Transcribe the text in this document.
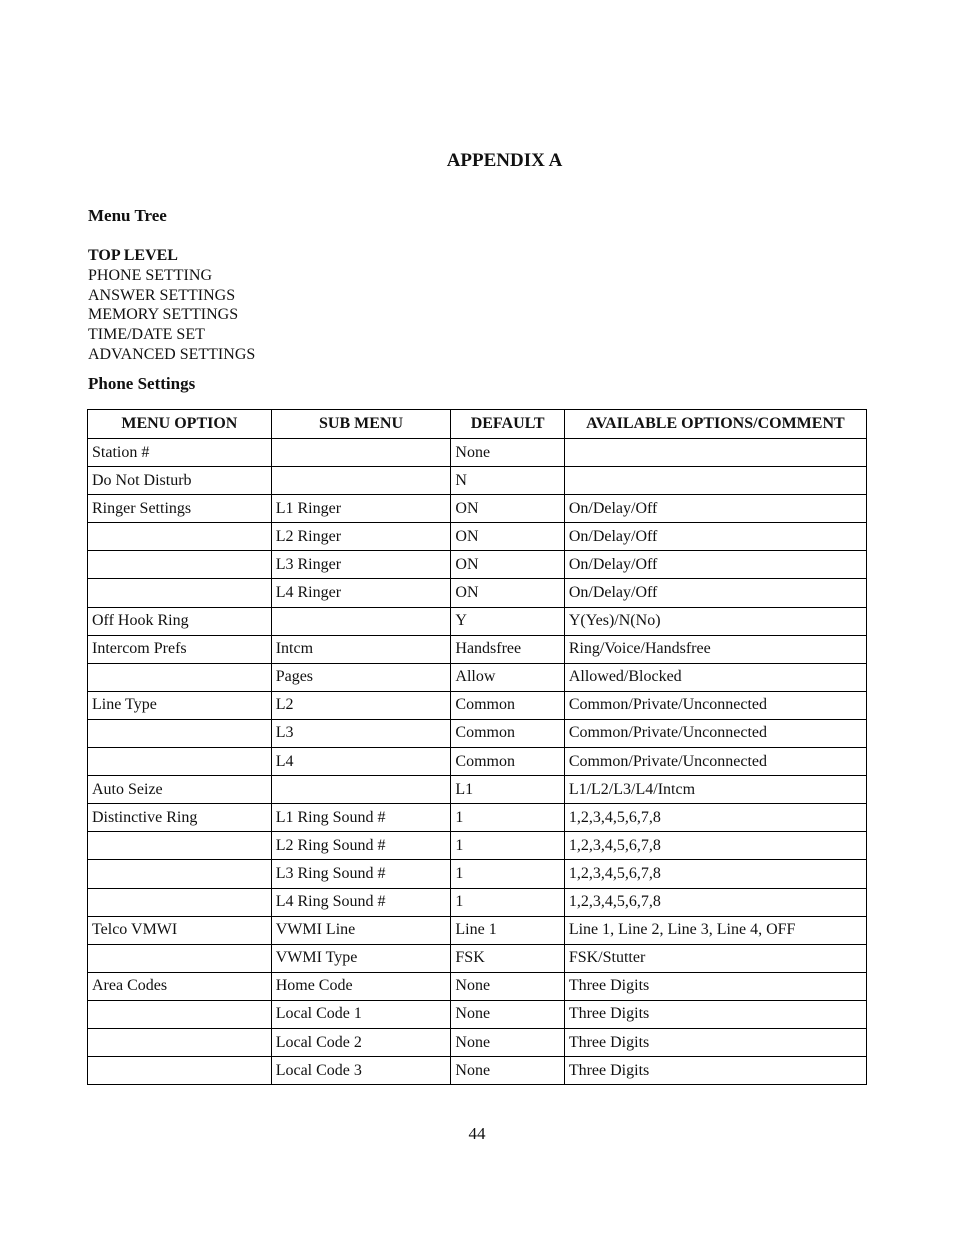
APPENDIX A
Menu Tree
TOP LEVEL
PHONE SETTING
ANSWER SETTINGS
MEMORY SETTINGS
TIME/DATE SET
ADVANCED SETTINGS
Phone Settings
MENU OPTION	SUB MENU	DEFAULT	AVAILABLE OPTIONS/COMMENT
Station #		None	
Do Not Disturb		N	
Ringer Settings	L1 Ringer	ON	On/Delay/Off
	L2 Ringer	ON	On/Delay/Off
	L3 Ringer	ON	On/Delay/Off
	L4 Ringer	ON	On/Delay/Off
Off Hook Ring		Y	Y(Yes)/N(No)
Intercom Prefs	Intcm	Handsfree	Ring/Voice/Handsfree
	Pages	Allow	Allowed/Blocked
Line Type	L2	Common	Common/Private/Unconnected
	L3	Common	Common/Private/Unconnected
	L4	Common	Common/Private/Unconnected
Auto Seize		L1	L1/L2/L3/L4/Intcm
Distinctive Ring	L1 Ring Sound #	1	1,2,3,4,5,6,7,8
	L2 Ring Sound #	1	1,2,3,4,5,6,7,8
	L3 Ring Sound #	1	1,2,3,4,5,6,7,8
	L4 Ring Sound #	1	1,2,3,4,5,6,7,8
Telco VMWI	VWMI Line	Line 1	Line 1, Line 2, Line 3, Line 4, OFF
	VWMI Type	FSK	FSK/Stutter
Area Codes	Home Code	None	Three Digits
	Local Code 1	None	Three Digits
	Local Code 2	None	Three Digits
	Local Code 3	None	Three Digits

44
